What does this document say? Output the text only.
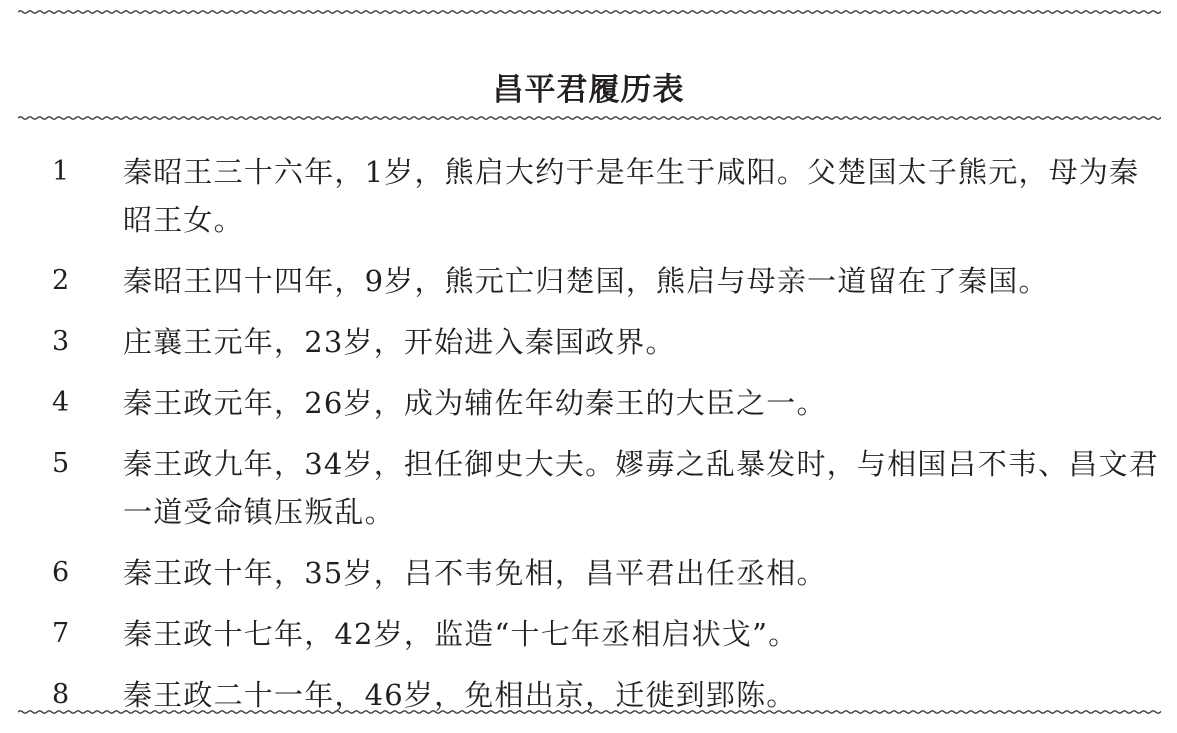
昌平君履历表
1	秦昭王三十六年，1岁，熊启大约于是年生于咸阳。父楚国太子熊元，母为秦昭王女。
2	秦昭王四十四年，9岁，熊元亡归楚国，熊启与母亲一道留在了秦国。
3	庄襄王元年，23岁，开始进入秦国政界。
4	秦王政元年，26岁，成为辅佐年幼秦王的大臣之一。
5	秦王政九年，34岁，担任御史大夫。嫪毐之乱暴发时，与相国吕不韦、昌文君一道受命镇压叛乱。
6	秦王政十年，35岁，吕不韦免相，昌平君出任丞相。
7	秦王政十七年，42岁，监造“十七年丞相启状戈”。
8	秦王政二十一年，46岁，免相出京，迁徙到郢陈。
